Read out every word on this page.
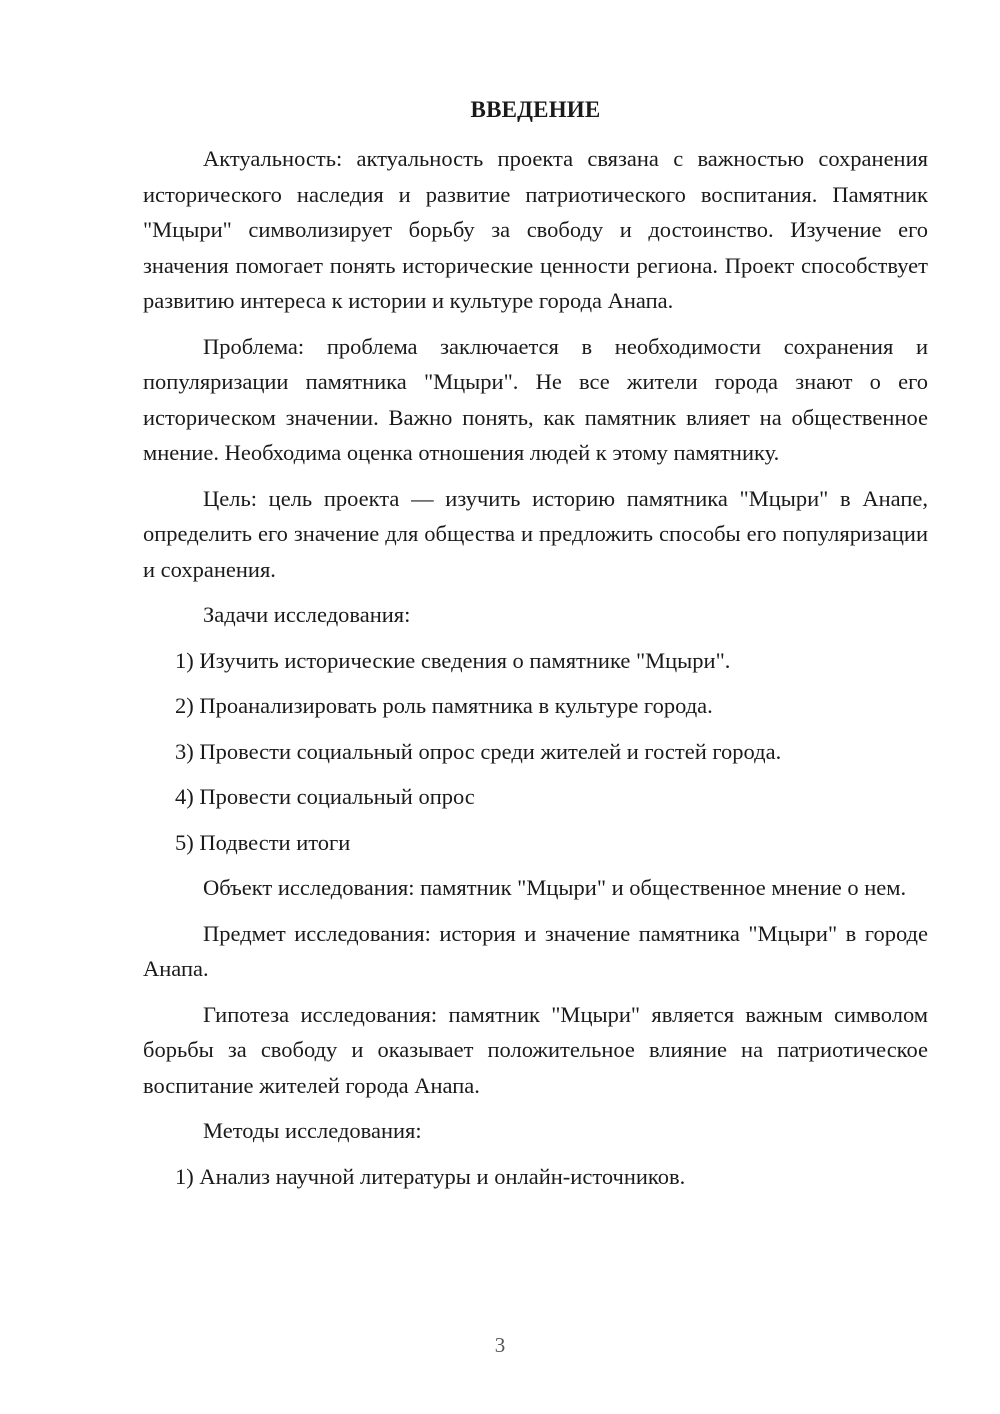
ВВЕДЕНИЕ

Актуальность: актуальность проекта связана с важностью сохранения исторического наследия и развитие патриотического воспитания. Памятник "Мцыри" символизирует борьбу за свободу и достоинство. Изучение его значения помогает понять исторические ценности региона. Проект способствует развитию интереса к истории и культуре города Анапа.

Проблема: проблема заключается в необходимости сохранения и популяризации памятника "Мцыри". Не все жители города знают о его историческом значении. Важно понять, как памятник влияет на общественное мнение. Необходима оценка отношения людей к этому памятнику.

Цель: цель проекта — изучить историю памятника "Мцыри" в Анапе, определить его значение для общества и предложить способы его популяризации и сохранения.

Задачи исследования:
1) Изучить исторические сведения о памятнике "Мцыри".
2) Проанализировать роль памятника в культуре города.
3) Провести социальный опрос среди жителей и гостей города.
4) Провести социальный опрос
5) Подвести итоги

Объект исследования: памятник "Мцыри" и общественное мнение о нем.

Предмет исследования: история и значение памятника "Мцыри" в городе Анапа.

Гипотеза исследования: памятник "Мцыри" является важным символом борьбы за свободу и оказывает положительное влияние на патриотическое воспитание жителей города Анапа.

Методы исследования:
1) Анализ научной литературы и онлайн-источников.
3
